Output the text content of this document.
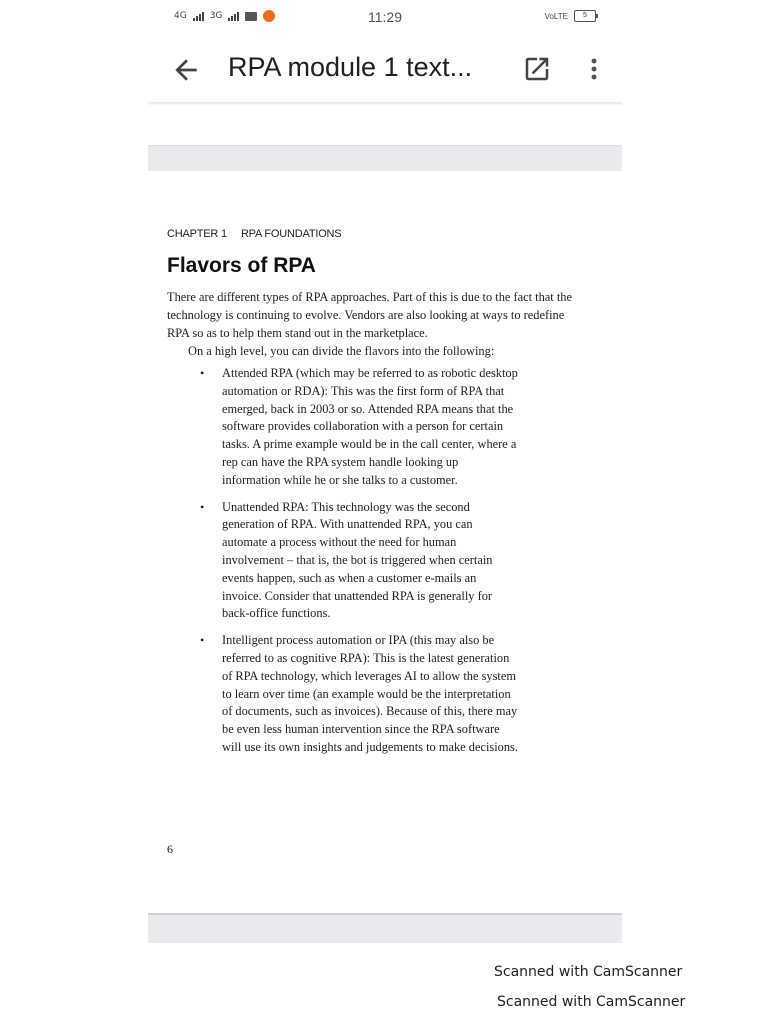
4G	3G	11:29	VoLTE	5
RPA module 1 text...
CHAPTER 1 RPA FOUNDATIONS
Flavors of RPA

There are different types of RPA approaches. Part of this is due to the fact that the technology is continuing to evolve. Vendors are also looking at ways to redefine RPA so as to help them stand out in the marketplace.

On a high level, you can divide the flavors into the following:

• Attended RPA (which may be referred to as robotic desktop automation or RDA): This was the first form of RPA that emerged, back in 2003 or so. Attended RPA means that the software provides collaboration with a person for certain tasks. A prime example would be in the call center, where a rep can have the RPA system handle looking up information while he or she talks to a customer.
• Unattended RPA: This technology was the second generation of RPA. With unattended RPA, you can automate a process without the need for human involvement – that is, the bot is triggered when certain events happen, such as when a customer e-mails an invoice. Consider that unattended RPA is generally for back-office functions.
• Intelligent process automation or IPA (this may also be referred to as cognitive RPA): This is the latest generation of RPA technology, which leverages AI to allow the system to learn over time (an example would be the interpretation of documents, such as invoices). Because of this, there may be even less human intervention since the RPA software will use its own insights and judgements to make decisions.
6
Scanned with CamScanner
Scanned with CamScanner
